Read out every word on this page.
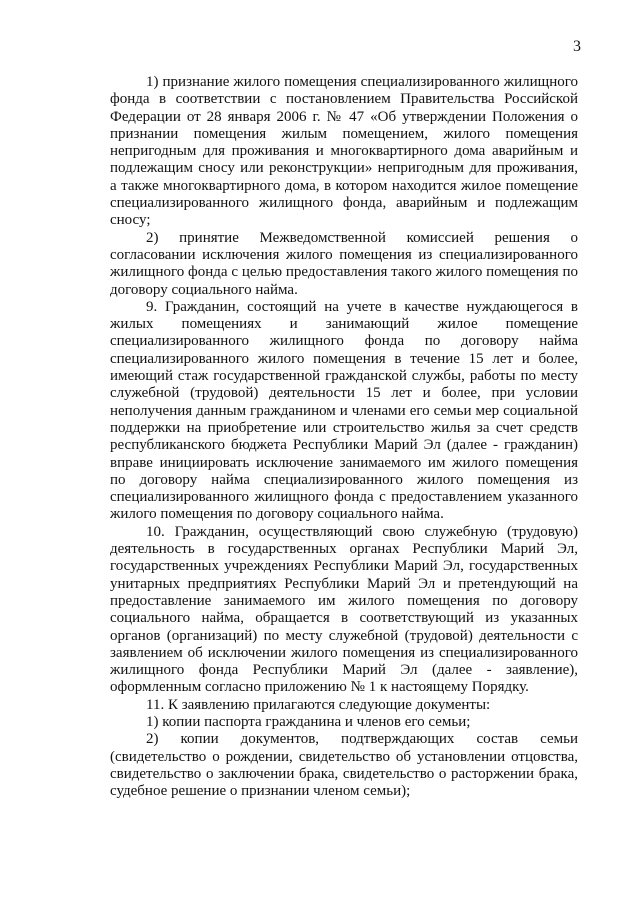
3

1) признание жилого помещения специализированного жилищного фонда в соответствии с постановлением Правительства Российской Федерации от 28 января 2006 г. № 47 «Об утверждении Положения о признании помещения жилым помещением, жилого помещения непригодным для проживания и многоквартирного дома аварийным и подлежащим сносу или реконструкции» непригодным для проживания, а также многоквартирного дома, в котором находится жилое помещение специализированного жилищного фонда, аварийным и подлежащим сносу;

2) принятие Межведомственной комиссией решения о согласовании исключения жилого помещения из специализированного жилищного фонда с целью предоставления такого жилого помещения по договору социального найма.

9. Гражданин, состоящий на учете в качестве нуждающегося в жилых помещениях и занимающий жилое помещение специализированного жилищного фонда по договору найма специализированного жилого помещения в течение 15 лет и более, имеющий стаж государственной гражданской службы, работы по месту служебной (трудовой) деятельности 15 лет и более, при условии неполучения данным гражданином и членами его семьи мер социальной поддержки на приобретение или строительство жилья за счет средств республиканского бюджета Республики Марий Эл (далее - гражданин) вправе инициировать исключение занимаемого им жилого помещения по договору найма специализированного жилого помещения из специализированного жилищного фонда с предоставлением указанного жилого помещения по договору социального найма.

10. Гражданин, осуществляющий свою служебную (трудовую) деятельность в государственных органах Республики Марий Эл, государственных учреждениях Республики Марий Эл, государственных унитарных предприятиях Республики Марий Эл и претендующий на предоставление занимаемого им жилого помещения по договору социального найма, обращается в соответствующий из указанных органов (организаций) по месту служебной (трудовой) деятельности с заявлением об исключении жилого помещения из специализированного жилищного фонда Республики Марий Эл (далее - заявление), оформленным согласно приложению № 1 к настоящему Порядку.

11. К заявлению прилагаются следующие документы:

1) копии паспорта гражданина и членов его семьи;

2) копии документов, подтверждающих состав семьи (свидетельство о рождении, свидетельство об установлении отцовства, свидетельство о заключении брака, свидетельство о расторжении брака, судебное решение о признании членом семьи);
